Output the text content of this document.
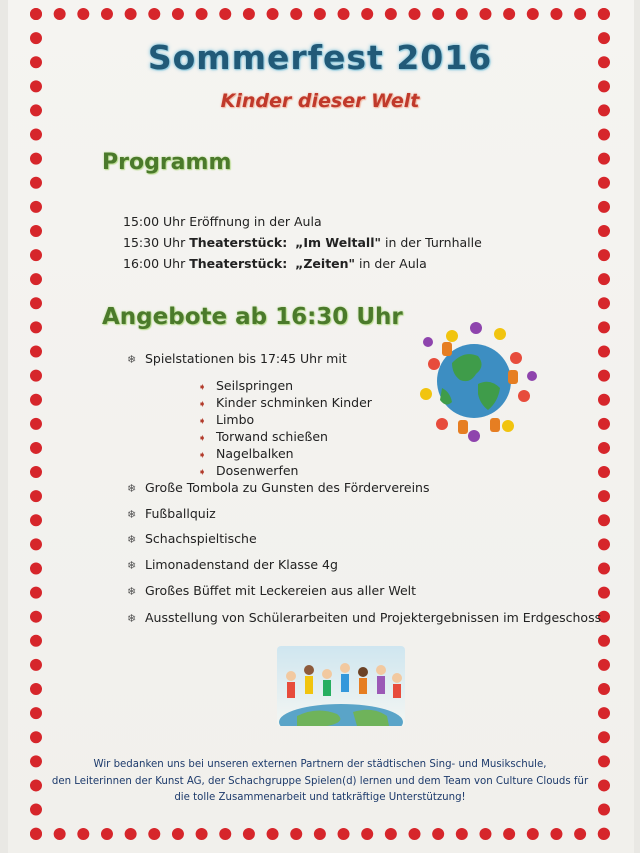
Sommerfest 2016
Kinder dieser Welt
Programm
15:00 Uhr Eröffnung in der Aula
15:30 Uhr Theaterstück: „Im Weltall" in der Turnhalle
16:00 Uhr Theaterstück: „Zeiten" in der Aula
Angebote ab 16:30 Uhr
❄ Spielstationen bis 17:45 Uhr mit
➧ Seilspringen
➧ Kinder schminken Kinder
➧ Limbo
➧ Torwand schießen
➧ Nagelbalken
➧ Dosenwerfen
❄ Große Tombola zu Gunsten des Fördervereins
❄ Fußballquiz
❄ Schachspieltische
❄ Limonadenstand der Klasse 4g
❄ Großes Büffet mit Leckereien aus aller Welt
❄ Ausstellung von Schülerarbeiten und Projektergebnissen im Erdgeschoss
Wir bedanken uns bei unseren externen Partnern der städtischen Sing- und Musikschule,
den Leiterinnen der Kunst AG, der Schachgruppe Spielen(d) lernen und dem Team von Culture Clouds für
die tolle Zusammenarbeit und tatkräftige Unterstützung!
